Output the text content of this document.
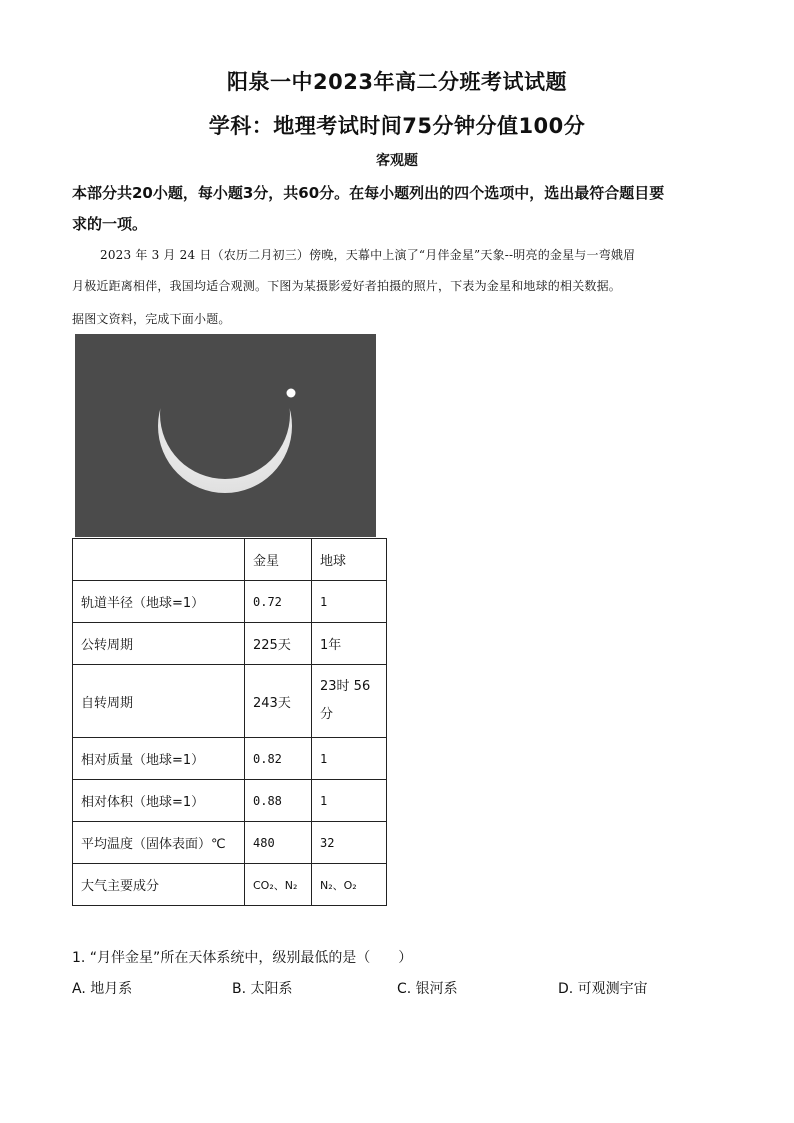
阳泉一中2023年高二分班考试试题
学科：地理考试时间75分钟分值100分
客观题
本部分共20小题，每小题3分，共60分。在每小题列出的四个选项中，选出最符合题目要
求的一项。
2023 年 3 月 24 日（农历二月初三）傍晚，天幕中上演了“月伴金星”天象--明亮的金星与一弯娥眉
月极近距离相伴，我国均适合观测。下图为某摄影爱好者拍摄的照片，下表为金星和地球的相关数据。
据图文资料，完成下面小题。
	金星	地球
轨道半径（地球=1）	0.72	1
公转周期	225天	1年
自转周期	243天	23时 56 分
相对质量（地球=1）	0.82	1
相对体积（地球=1）	0.88	1
平均温度（固体表面）℃	480	32
大气主要成分	CO₂、N₂	N₂、O₂
1. “月伴金星”所在天体系统中，级别最低的是（　　）
A. 地月系	B. 太阳系	C. 银河系	D. 可观测宇宙
